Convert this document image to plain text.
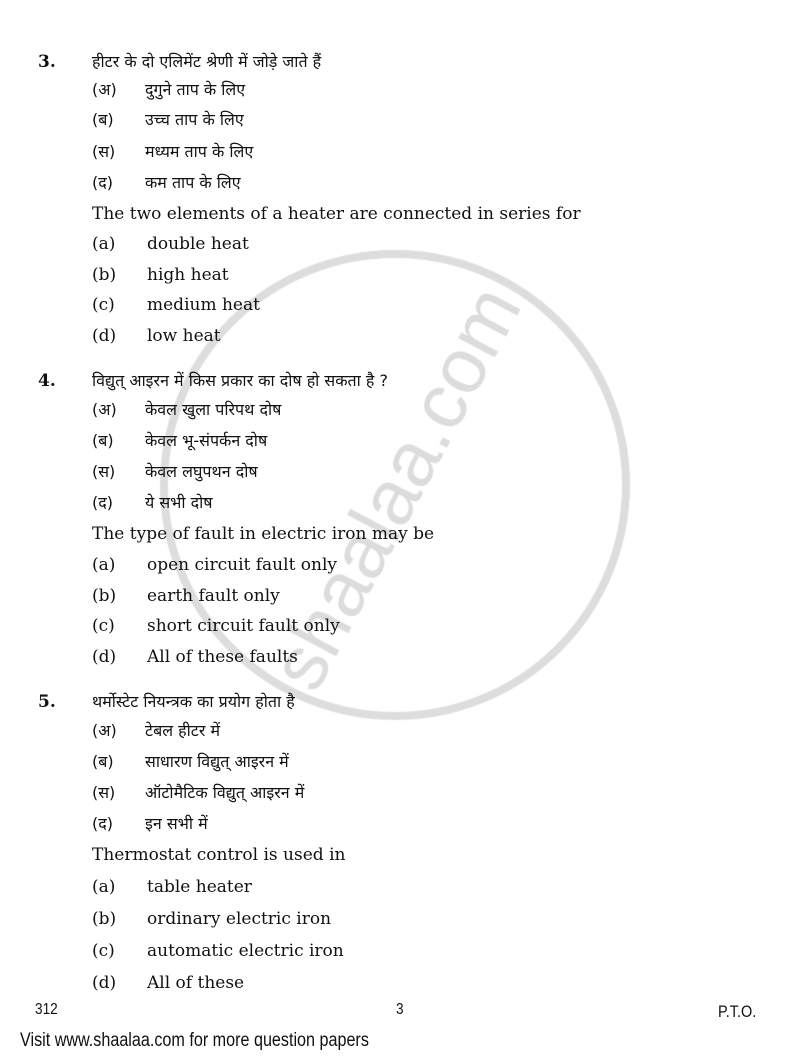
3. हीटर के दो एलिमेंट श्रेणी में जोड़े जाते हैं
(अ) दुगुने ताप के लिए
(ब) उच्च ताप के लिए
(स) मध्यम ताप के लिए
(द) कम ताप के लिए
The two elements of a heater are connected in series for
(a) double heat
(b) high heat
(c) medium heat
(d) low heat
4. विद्युत् आइरन में किस प्रकार का दोष हो सकता है ?
(अ) केवल खुला परिपथ दोष
(ब) केवल भू-संपर्कन दोष
(स) केवल लघुपथन दोष
(द) ये सभी दोष
The type of fault in electric iron may be
(a) open circuit fault only
(b) earth fault only
(c) short circuit fault only
(d) All of these faults
5. थर्मोस्टेट नियन्त्रक का प्रयोग होता है
(अ) टेबल हीटर में
(ब) साधारण विद्युत् आइरन में
(स) ऑटोमैटिक विद्युत् आइरन में
(द) इन सभी में
Thermostat control is used in
(a) table heater
(b) ordinary electric iron
(c) automatic electric iron
(d) All of these
312	3	P.T.O.
Visit www.shaalaa.com for more question papers
